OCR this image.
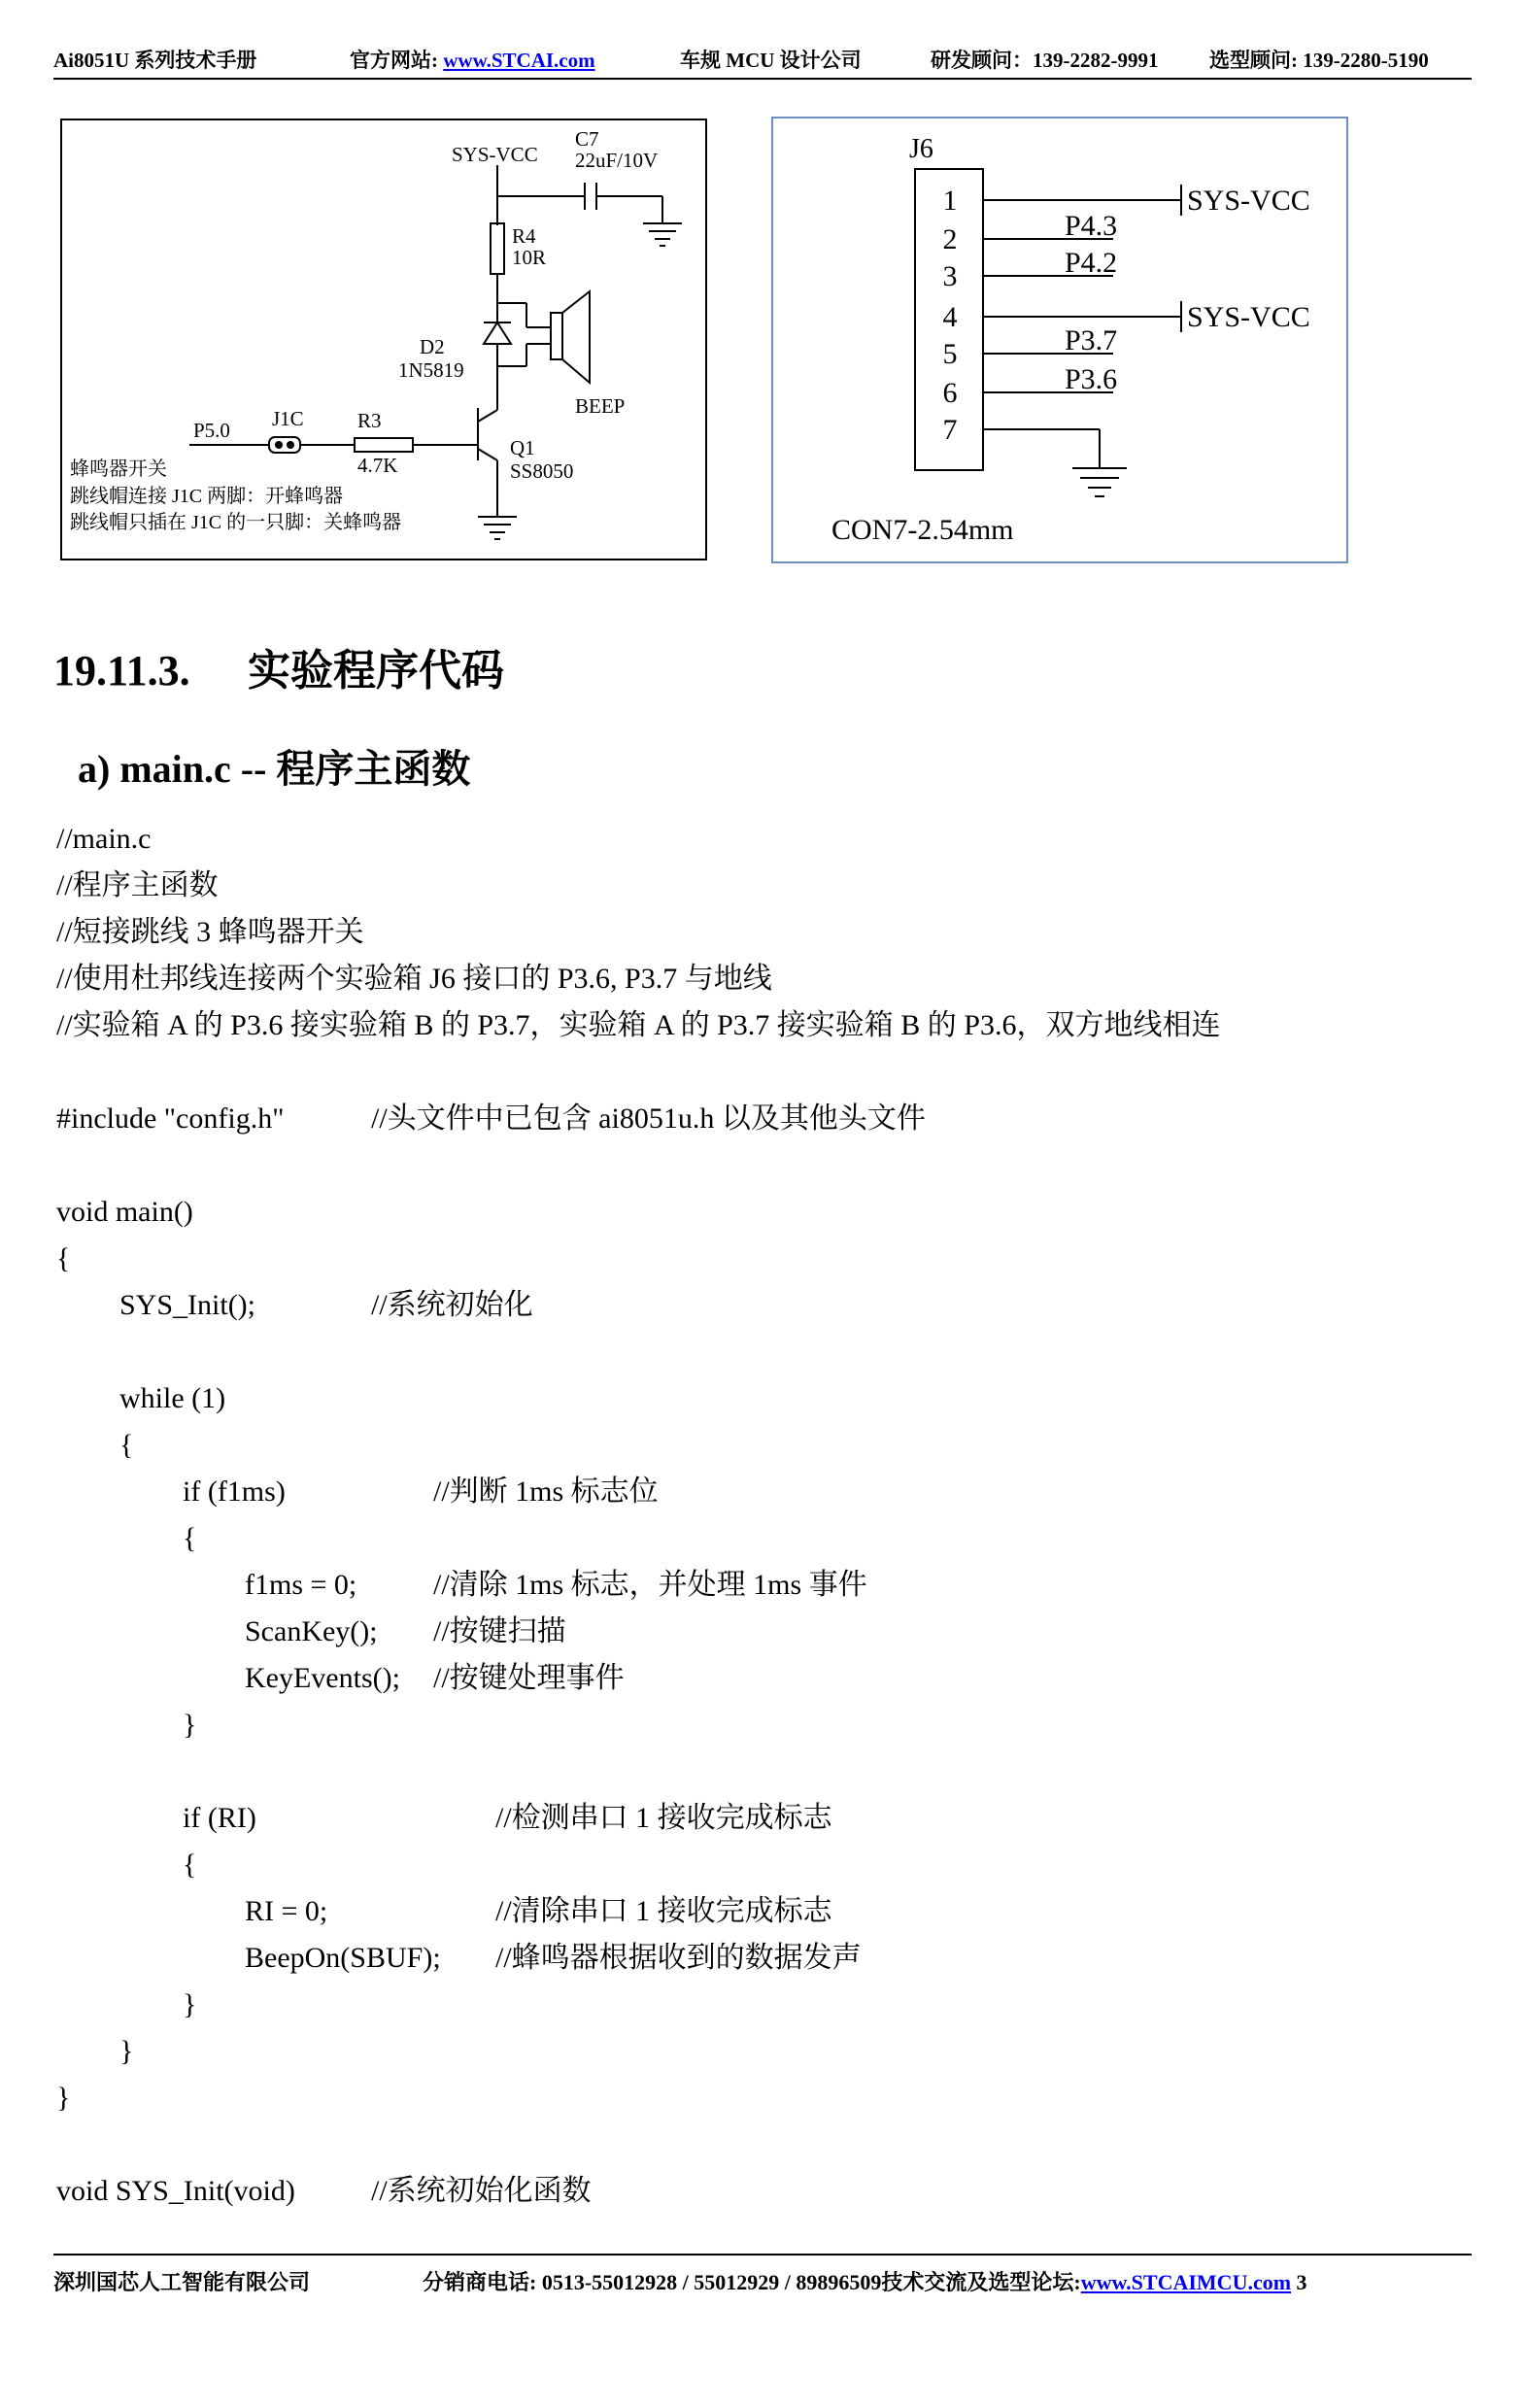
Ai8051U 系列技术手册	官方网站: www.STCAI.com	车规 MCU 设计公司	研发顾问：139-2282-9991	选型顾问: 139-2280-5190
SYS-VCC
C7
22uF/10V
R4
10R
D2
1N5819
BEEP
P5.0 J1C	R3
4.7K
Q1
SS8050
蜂鸣器开关
跳线帽连接 J1C 两脚：开蜂鸣器
跳线帽只插在 J1C 的一只脚：关蜂鸣器
J6
1
2
3
4
5
6
7
SYS-VCC
SYS-VCC
P4.3
P4.2
P3.7
P3.6
CON7-2.54mm
19.11.3. 实验程序代码
a) main.c -- 程序主函数
//main.c
//程序主函数
//短接跳线 3 蜂鸣器开关
//使用杜邦线连接两个实验箱 J6 接口的 P3.6, P3.7 与地线
//实验箱 A 的 P3.6 接实验箱 B 的 P3.7，实验箱 A 的 P3.7 接实验箱 B 的 P3.6，双方地线相连
#include "config.h"	//头文件中已包含 ai8051u.h 以及其他头文件
void main()
{
SYS_Init();	//系统初始化
while (1)
{
if (f1ms)	//判断 1ms 标志位
{
f1ms = 0;	//清除 1ms 标志，并处理 1ms 事件
ScanKey(); //按键扫描
KeyEvents(); //按键处理事件
}
if (RI)	//检测串口 1 接收完成标志
{
RI = 0;	//清除串口 1 接收完成标志
BeepOn(SBUF); //蜂鸣器根据收到的数据发声
}
}
}
void SYS_Init(void)	//系统初始化函数
深圳国芯人工智能有限公司	分销商电话: 0513-55012928 / 55012929 / 89896509技术交流及选型论坛:www.STCAIMCU.com 3
